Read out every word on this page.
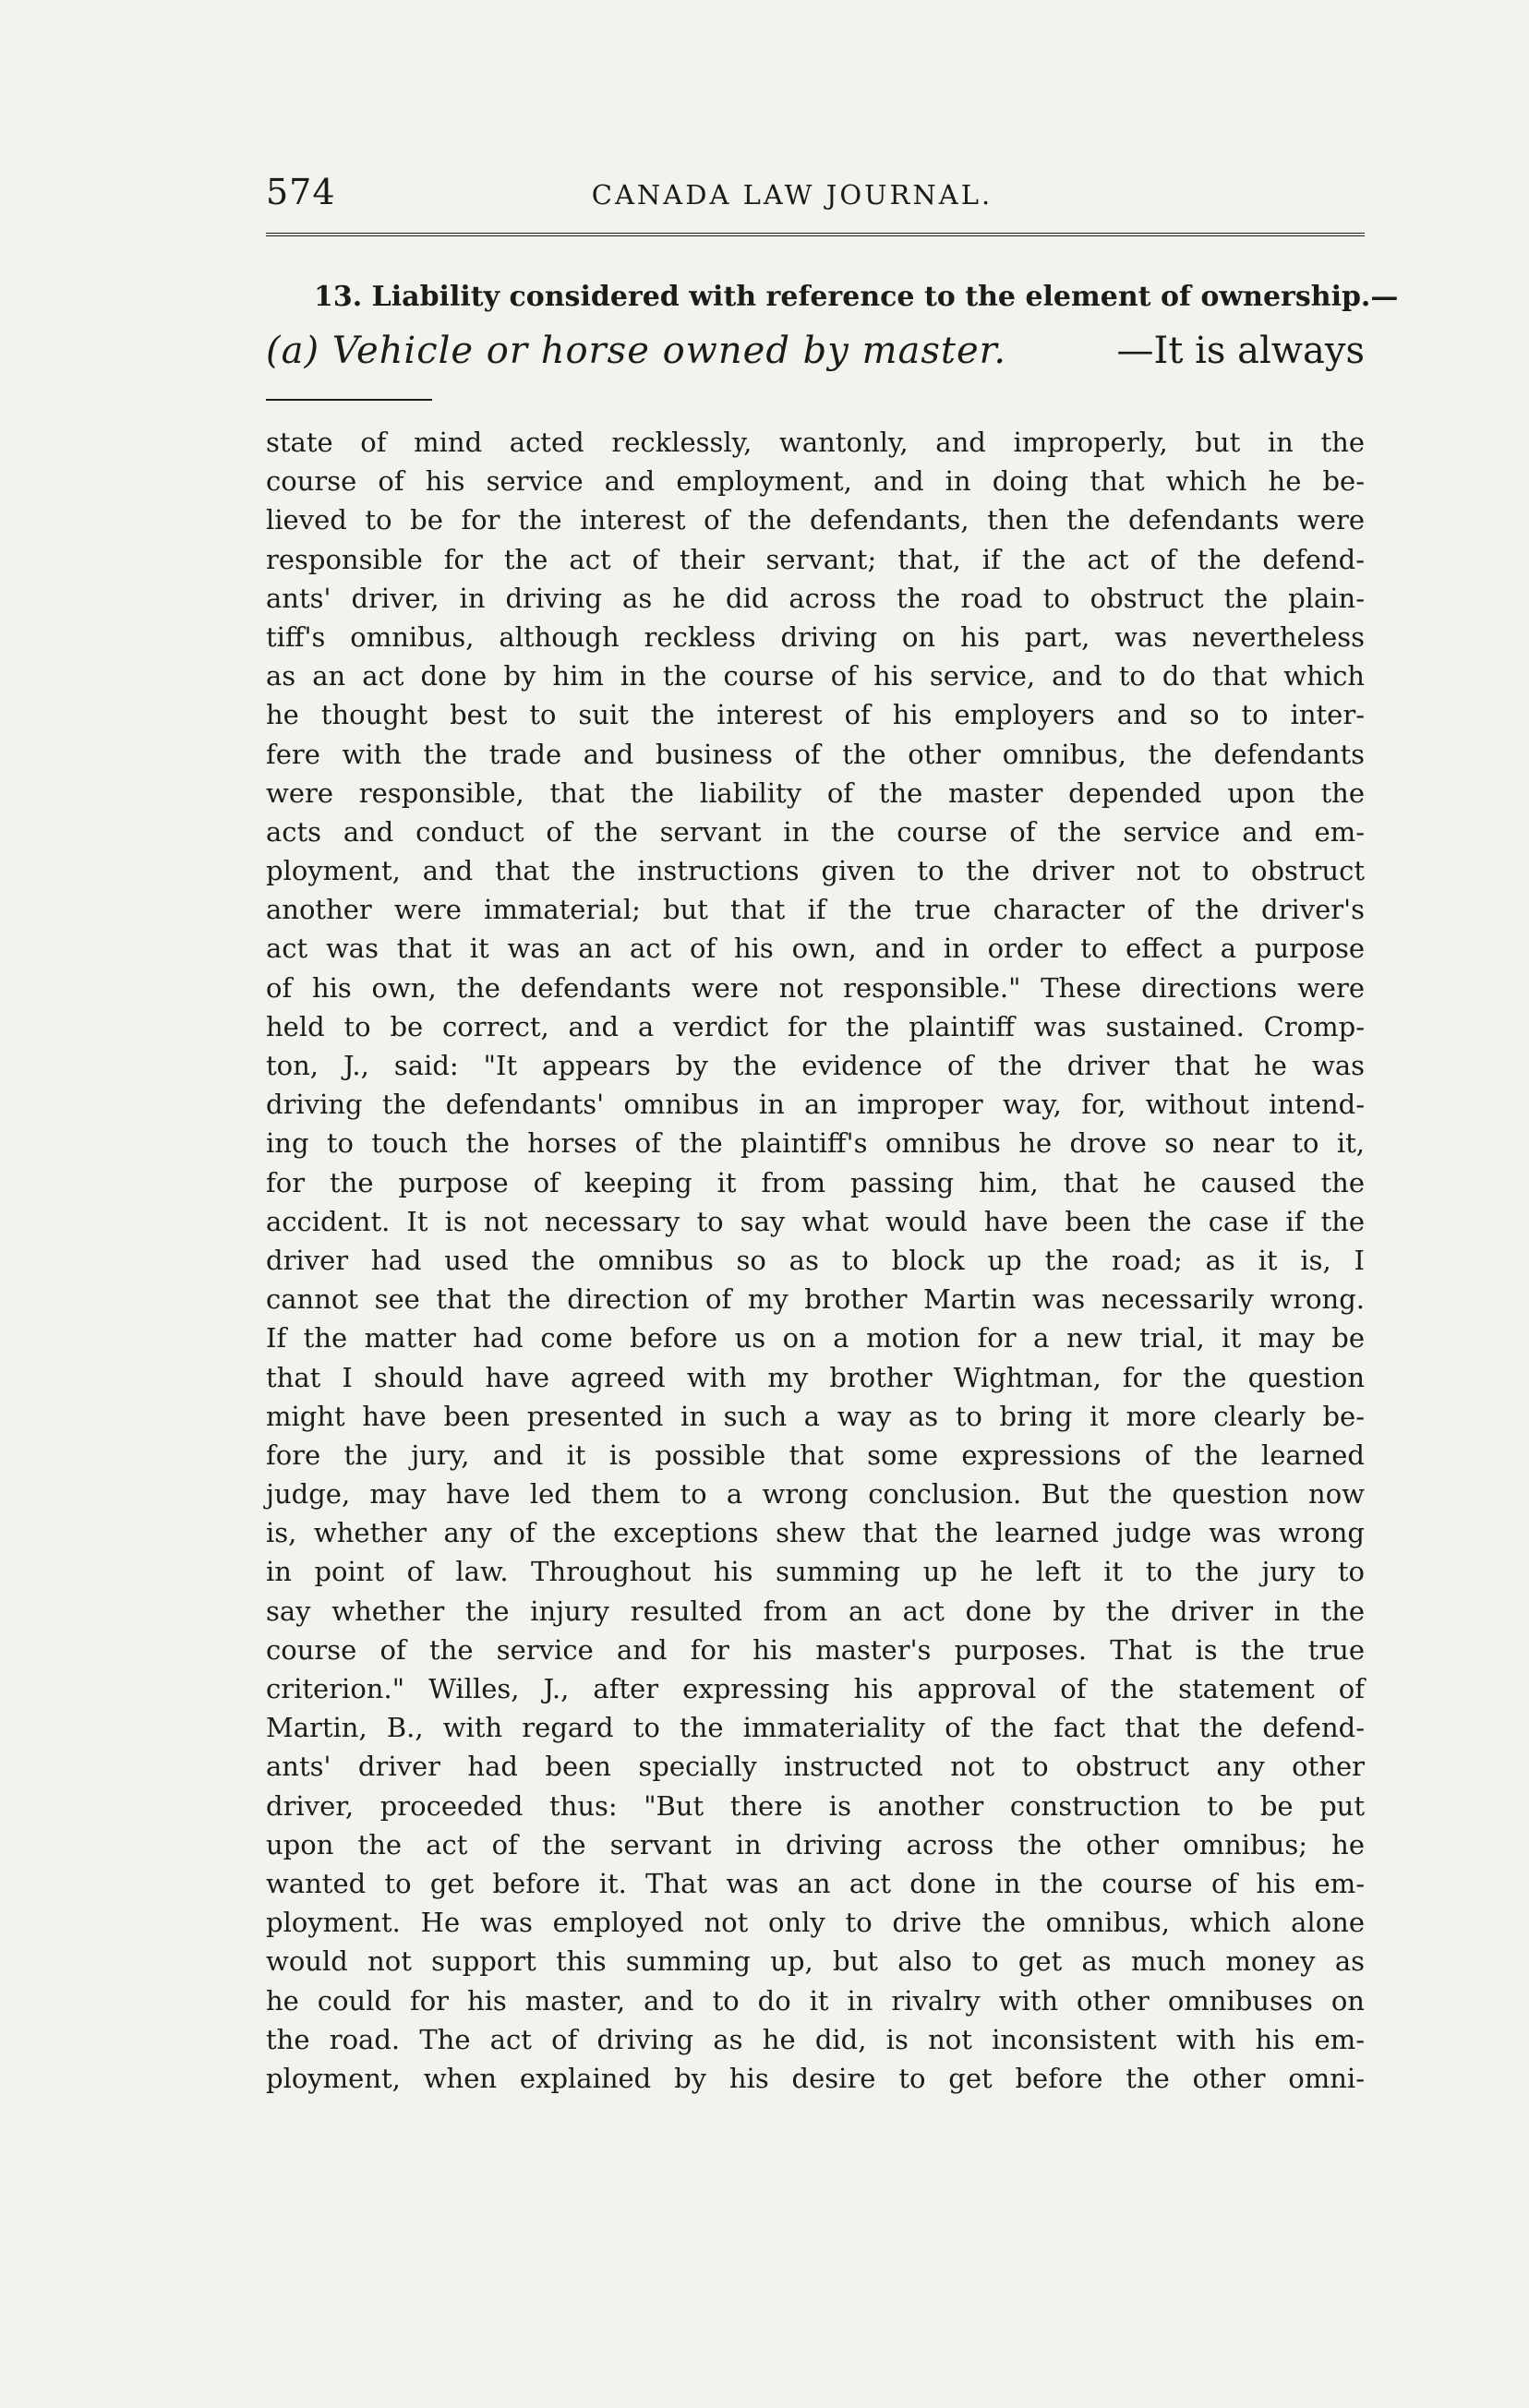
574	CANADA LAW JOURNAL.
13. Liability considered with reference to the element of ownership.—
(a) Vehicle or horse owned by master.	—It is always
state of mind acted recklessly, wantonly, and improperly, but in the
course of his service and employment, and in doing that which he be-
lieved to be for the interest of the defendants, then the defendants were
responsible for the act of their servant; that, if the act of the defend-
ants' driver, in driving as he did across the road to obstruct the plain-
tiff's omnibus, although reckless driving on his part, was nevertheless
as an act done by him in the course of his service, and to do that which
he thought best to suit the interest of his employers and so to inter-
fere with the trade and business of the other omnibus, the defendants
were responsible, that the liability of the master depended upon the
acts and conduct of the servant in the course of the service and em-
ployment, and that the instructions given to the driver not to obstruct
another were immaterial; but that if the true character of the driver's
act was that it was an act of his own, and in order to effect a purpose
of his own, the defendants were not responsible." These directions were
held to be correct, and a verdict for the plaintiff was sustained. Cromp-
ton, J., said: "It appears by the evidence of the driver that he was
driving the defendants' omnibus in an improper way, for, without intend-
ing to touch the horses of the plaintiff's omnibus he drove so near to it,
for the purpose of keeping it from passing him, that he caused the
accident. It is not necessary to say what would have been the case if the
driver had used the omnibus so as to block up the road; as it is, I
cannot see that the direction of my brother Martin was necessarily wrong.
If the matter had come before us on a motion for a new trial, it may be
that I should have agreed with my brother Wightman, for the question
might have been presented in such a way as to bring it more clearly be-
fore the jury, and it is possible that some expressions of the learned
judge, may have led them to a wrong conclusion. But the question now
is, whether any of the exceptions shew that the learned judge was wrong
in point of law. Throughout his summing up he left it to the jury to
say whether the injury resulted from an act done by the driver in the
course of the service and for his master's purposes. That is the true
criterion." Willes, J., after expressing his approval of the statement of
Martin, B., with regard to the immateriality of the fact that the defend-
ants' driver had been specially instructed not to obstruct any other
driver, proceeded thus: "But there is another construction to be put
upon the act of the servant in driving across the other omnibus; he
wanted to get before it. That was an act done in the course of his em-
ployment. He was employed not only to drive the omnibus, which alone
would not support this summing up, but also to get as much money as
he could for his master, and to do it in rivalry with other omnibuses on
the road. The act of driving as he did, is not inconsistent with his em-
ployment, when explained by his desire to get before the other omni-
